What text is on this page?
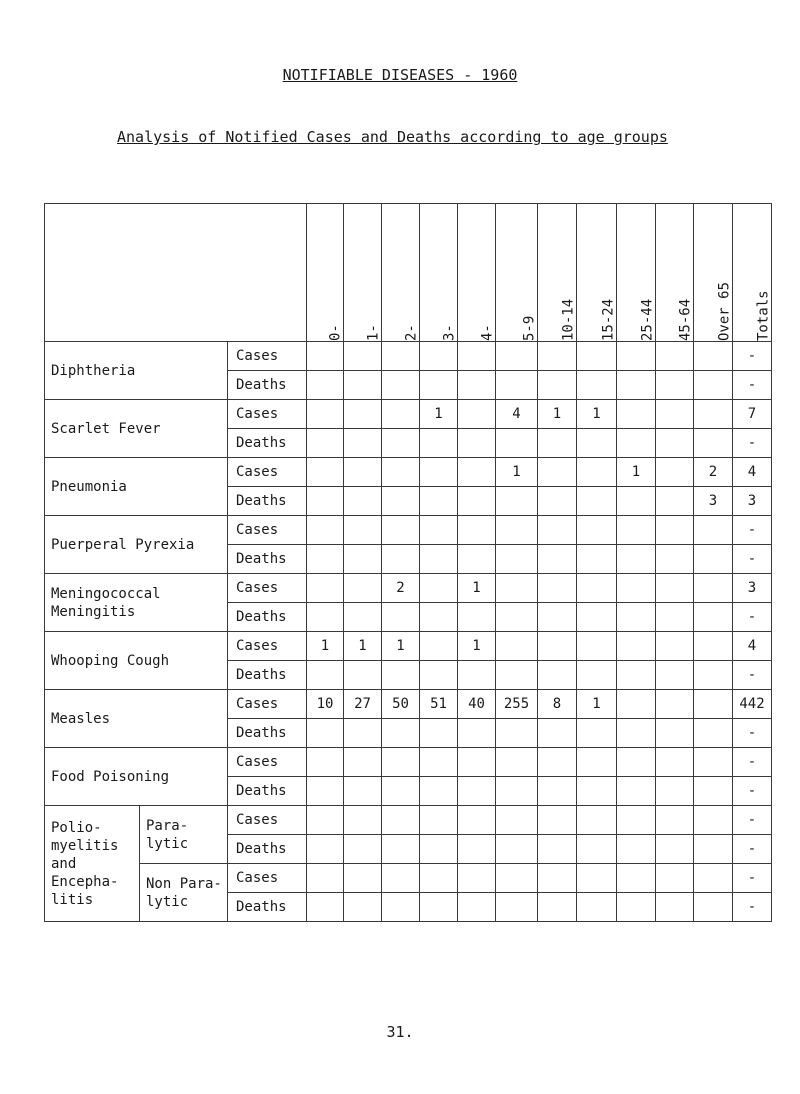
NOTIFIABLE DISEASES - 1960
Analysis of Notified Cases and Deaths according to age groups
			0-	1-	2-	3-	4-	5-9	10-14	15-24	25-44	45-64	Over 65	Totals
Diphtheria		Cases												-
		Deaths												-
Scarlet Fever		Cases				1		4	1	1				7
		Deaths												-
Pneumonia		Cases						1			1		2	4
		Deaths											3	3
Puerperal Pyrexia		Cases												-
		Deaths												-
Meningococcal Meningitis		Cases			2		1							3
		Deaths												-
Whooping Cough		Cases	1	1	1		1							4
		Deaths												-
Measles		Cases	10	27	50	51	40	255	8	1				442
		Deaths												-
Food Poisoning		Cases												-
		Deaths												-
Polio- myelitis and Encepha- litis	Para- lytic	Cases												-
		Deaths												-
	Non Para- lytic	Cases												-
		Deaths												-
31.
